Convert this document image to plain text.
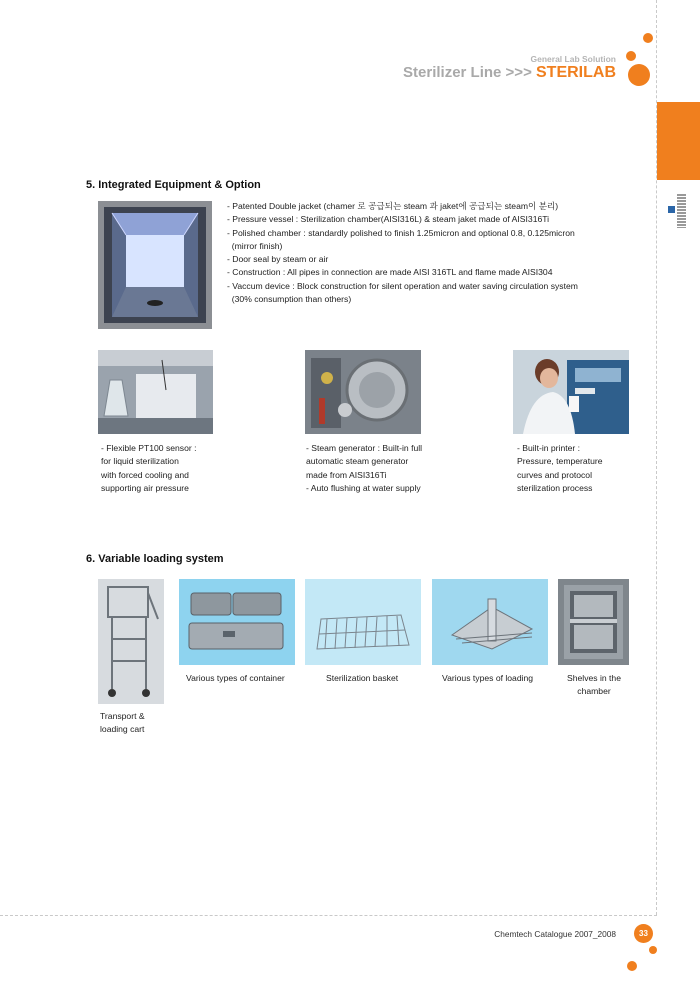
General Lab Solution
Sterilizer Line >>> STERILAB
5. Integrated Equipment & Option
- Patented Double jacket (chamer 로 공급되는 steam 과 jaket에 공급되는 steam이 분리)
- Pressure vessel : Sterilization chamber(AISI316L) & steam jaket made of AISI316Ti
- Polished chamber : standardly polished to finish 1.25micron and optional 0.8, 0.125micron
(mirror finish)
- Door seal by steam or air
- Construction : All pipes in connection are made AISI 316TL and flame made AISI304
- Vaccum device : Block construction for silent operation and water saving circulation system
(30% consumption than others)
- Flexible PT100 sensor :
for liquid sterilization
with forced cooling and
supporting air pressure
- Steam generator : Built-in full
automatic steam generator
made from AISI316Ti
- Auto flushing at water supply
- Built-in printer :
Pressure, temperature
curves and protocol
sterilization process
6. Variable loading system
Transport &
loading cart
Various types of container	Sterilization basket	Various types of loading	Shelves in the
chamber
Chemtech Catalogue 2007_2008	33
